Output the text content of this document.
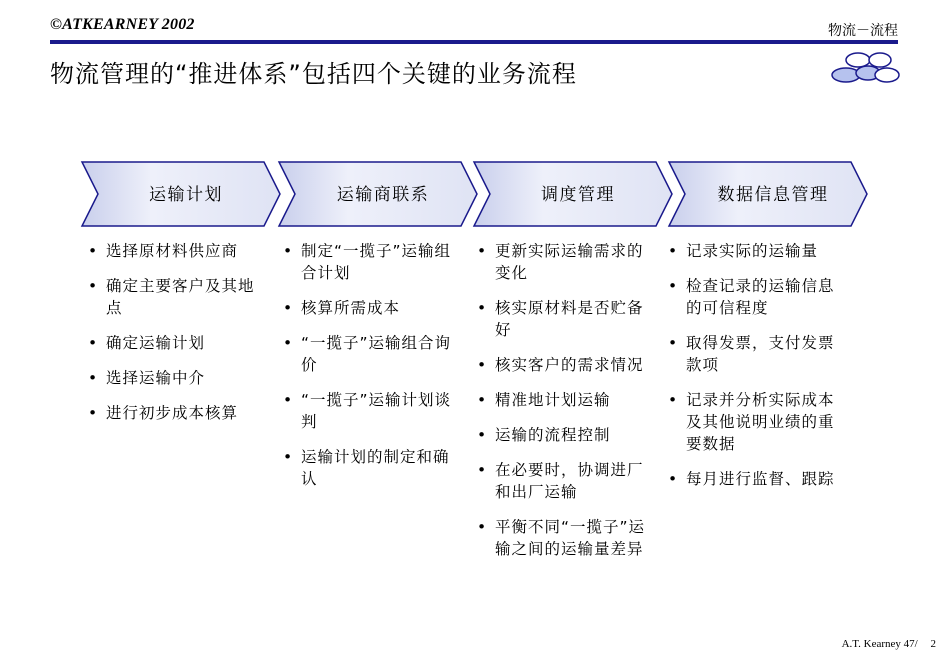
©ATKEARNEY 2002	物流－流程
物流管理的“推进体系”包括四个关键的业务流程
运输计划	运输商联系	调度管理	数据信息管理
• 选择原材料供应商
• 确定主要客户及其地点
• 确定运输计划
• 选择运输中介
• 进行初步成本核算
• 制定“一揽子”运输组合计划
• 核算所需成本
• “一揽子”运输组合询价
• “一揽子”运输计划谈判
• 运输计划的制定和确认
• 更新实际运输需求的变化
• 核实原材料是否贮备好
• 核实客户的需求情况
• 精准地计划运输
• 运输的流程控制
• 在必要时，协调进厂和出厂运输
• 平衡不同“一揽子”运输之间的运输量差异
• 记录实际的运输量
• 检查记录的运输信息的可信程度
• 取得发票，支付发票款项
• 记录并分析实际成本及其他说明业绩的重要数据
• 每月进行监督、跟踪
A.T. Kearney 47/ 2
